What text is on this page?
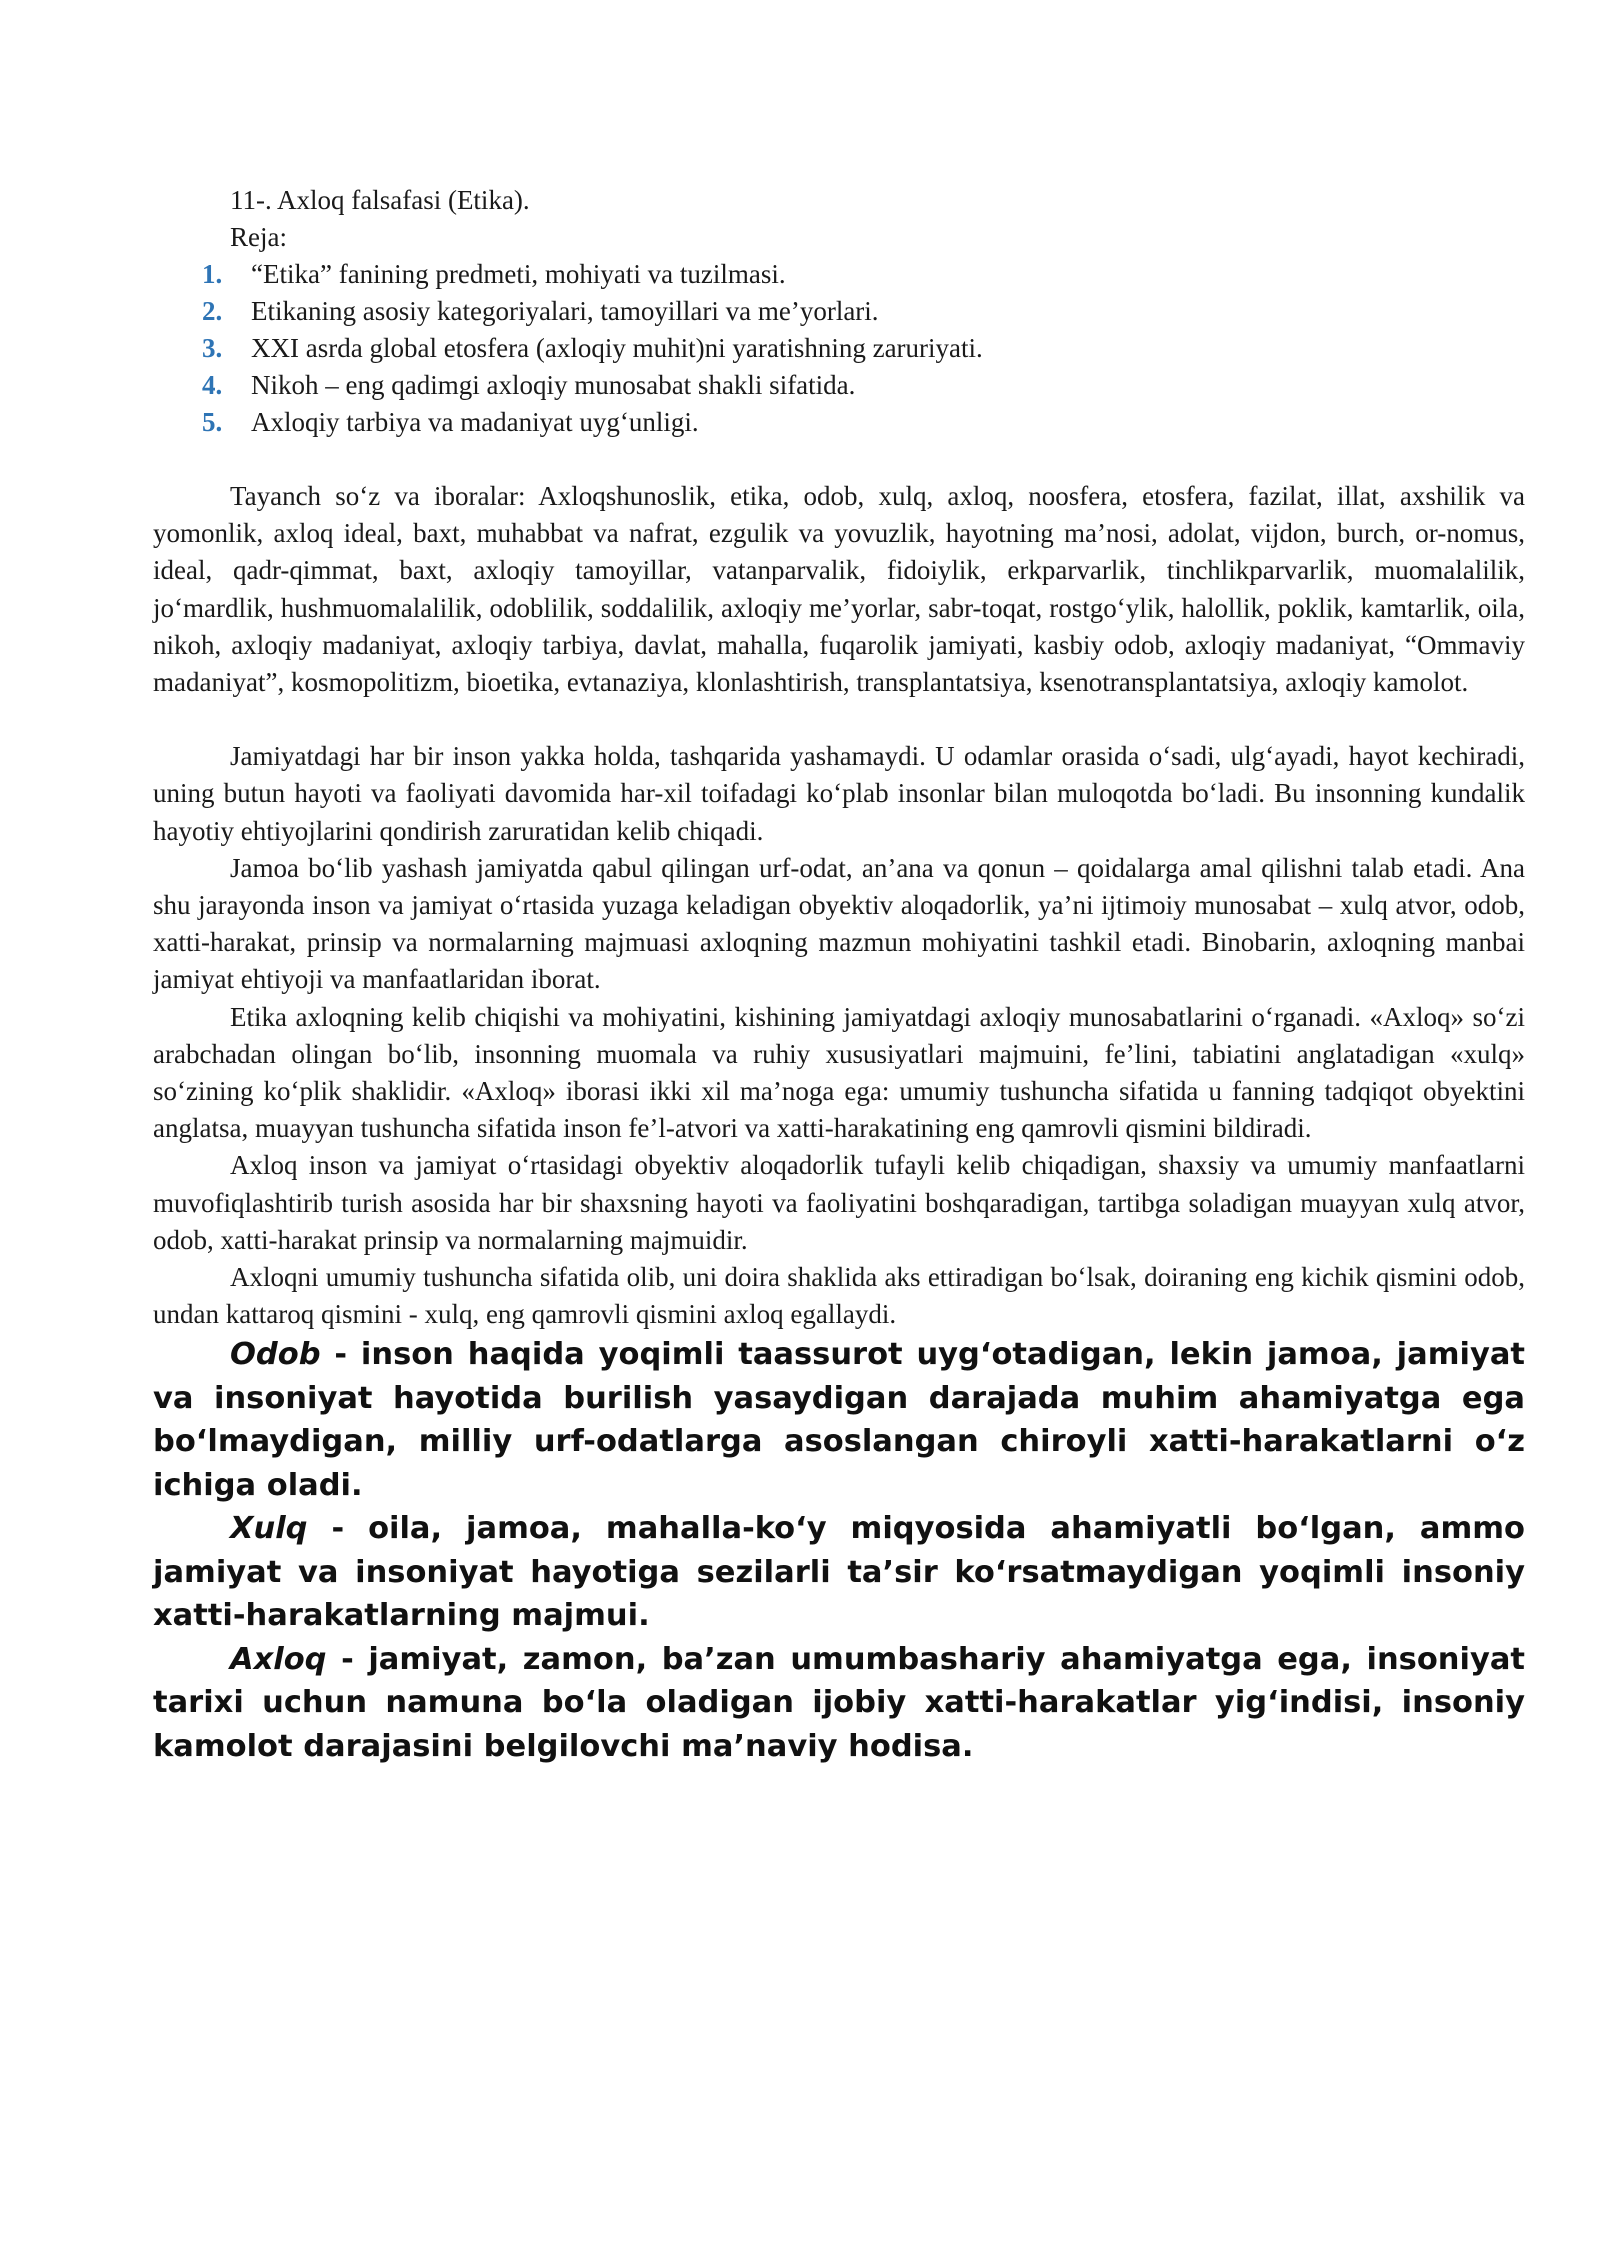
11-. Axloq falsafasi (Etika).

Reja:

1. “Etika” fanining predmeti, mohiyati va tuzilmasi.
2. Etikaning asosiy kategoriyalari, tamoyillari va me’yorlari.
3. XXI asrda global etosfera (axloqiy muhit)ni yaratishning zaruriyati.
4. Nikoh – eng qadimgi axloqiy munosabat shakli sifatida.
5. Axloqiy tarbiya va madaniyat uyg‘unligi.

Tayanch so‘z va iboralar: Axloqshunoslik, etika, odob, xulq, axloq, noosfera, etosfera, fazilat, illat, axshilik va yomonlik, axloq ideal, baxt, muhabbat va nafrat, ezgulik va yovuzlik, hayotning ma’nosi, adolat, vijdon, burch, or-nomus, ideal, qadr-qimmat, baxt, axloqiy tamoyillar, vatanparvalik, fidoiylik, erkparvarlik, tinchlikparvarlik, muomalalilik, jo‘mardlik, hushmuomalalilik, odoblilik, soddalilik, axloqiy me’yorlar, sabr-toqat, rostgo‘ylik, halollik, poklik, kamtarlik, oila, nikoh, axloqiy madaniyat, axloqiy tarbiya, davlat, mahalla, fuqarolik jamiyati, kasbiy odob, axloqiy madaniyat, “Ommaviy madaniyat”, kosmopolitizm, bioetika, evtanaziya, klonlashtirish, transplantatsiya, ksenotransplantatsiya, axloqiy kamolot.

Jamiyatdagi har bir inson yakka holda, tashqarida yashamaydi. U odamlar orasida o‘sadi, ulg‘ayadi, hayot kechiradi, uning butun hayoti va faoliyati davomida har-xil toifadagi ko‘plab insonlar bilan muloqotda bo‘ladi. Bu insonning kundalik hayotiy ehtiyojlarini qondirish zaruratidan kelib chiqadi.

Jamoa bo‘lib yashash jamiyatda qabul qilingan urf-odat, an’ana va qonun – qoidalarga amal qilishni talab etadi. Ana shu jarayonda inson va jamiyat o‘rtasida yuzaga keladigan obyektiv aloqadorlik, ya’ni ijtimoiy munosabat – xulq atvor, odob, xatti-harakat, prinsip va normalarning majmuasi axloqning mazmun mohiyatini tashkil etadi. Binobarin, axloqning manbai jamiyat ehtiyoji va manfaatlaridan iborat.

Etika axloqning kelib chiqishi va mohiyatini, kishining jamiyatdagi axloqiy munosabatlarini o‘rganadi. «Axloq» so‘zi arabchadan olingan bo‘lib, insonning muomala va ruhiy xususiyatlari majmuini, fe’lini, tabiatini anglatadigan «xulq» so‘zining ko‘plik shaklidir. «Axloq» iborasi ikki xil ma’noga ega: umumiy tushuncha sifatida u fanning tadqiqot obyektini anglatsa, muayyan tushuncha sifatida inson fe’l-atvori va xatti-harakatining eng qamrovli qismini bildiradi.

Axloq inson va jamiyat o‘rtasidagi obyektiv aloqadorlik tufayli kelib chiqadigan, shaxsiy va umumiy manfaatlarni muvofiqlashtirib turish asosida har bir shaxsning hayoti va faoliyatini boshqaradigan, tartibga soladigan muayyan xulq atvor, odob, xatti-harakat prinsip va normalarning majmuidir.

Axloqni umumiy tushuncha sifatida olib, uni doira shaklida aks ettiradigan bo‘lsak, doiraning eng kichik qismini odob, undan kattaroq qismini - xulq, eng qamrovli qismini axloq egallaydi.

Odob - inson haqida yoqimli taassurot uyg‘otadigan, lekin jamoa, jamiyat va insoniyat hayotida burilish yasaydigan darajada muhim ahamiyatga ega bo‘lmaydigan, milliy urf-odatlarga asoslangan chiroyli xatti-harakatlarni o‘z ichiga oladi.

Xulq - oila, jamoa, mahalla-ko‘y miqyosida ahamiyatli bo‘lgan, ammo jamiyat va insoniyat hayotiga sezilarli ta’sir ko‘rsatmaydigan yoqimli insoniy xatti-harakatlarning majmui.

Axloq - jamiyat, zamon, ba’zan umumbashariy ahamiyatga ega, insoniyat tarixi uchun namuna bo‘la oladigan ijobiy xatti-harakatlar yig‘indisi, insoniy kamolot darajasini belgilovchi ma’naviy hodisa.
